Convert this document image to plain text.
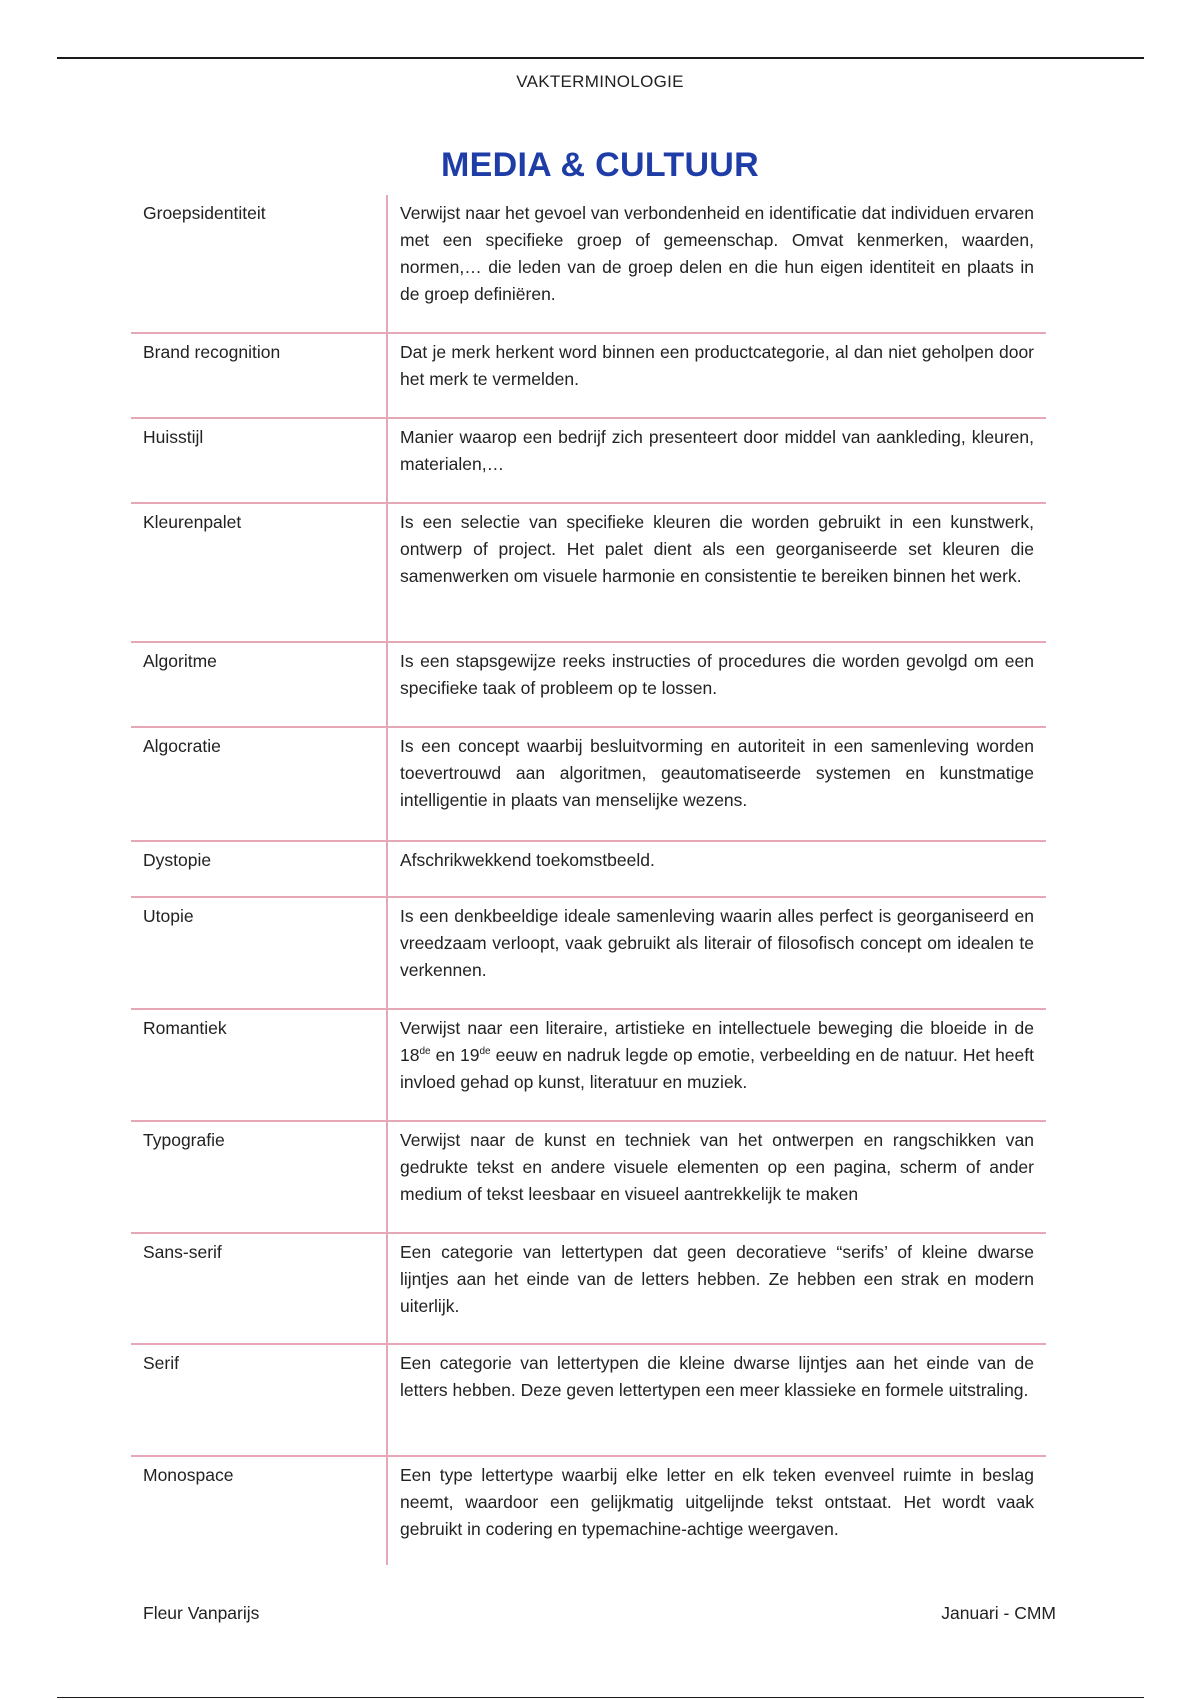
VAKTERMINOLOGIE
MEDIA & CULTUUR
Groepsidentiteit	Verwijst naar het gevoel van verbondenheid en identificatie dat individuen ervaren met een specifieke groep of gemeenschap. Omvat kenmerken, waarden, normen,… die leden van de groep delen en die hun eigen identiteit en plaats in de groep definiëren.
Brand recognition	Dat je merk herkent word binnen een productcategorie, al dan niet geholpen door het merk te vermelden.
Huisstijl	Manier waarop een bedrijf zich presenteert door middel van aankleding, kleuren, materialen,…
Kleurenpalet	Is een selectie van specifieke kleuren die worden gebruikt in een kunstwerk, ontwerp of project. Het palet dient als een georganiseerde set kleuren die samenwerken om visuele harmonie en consistentie te bereiken binnen het werk.
Algoritme	Is een stapsgewijze reeks instructies of procedures die worden gevolgd om een specifieke taak of probleem op te lossen.
Algocratie	Is een concept waarbij besluitvorming en autoriteit in een samenleving worden toevertrouwd aan algoritmen, geautomatiseerde systemen en kunstmatige intelligentie in plaats van menselijke wezens.
Dystopie	Afschrikwekkend toekomstbeeld.
Utopie	Is een denkbeeldige ideale samenleving waarin alles perfect is georganiseerd en vreedzaam verloopt, vaak gebruikt als literair of filosofisch concept om idealen te verkennen.
Romantiek	Verwijst naar een literaire, artistieke en intellectuele beweging die bloeide in de 18de en 19de eeuw en nadruk legde op emotie, verbeelding en de natuur. Het heeft invloed gehad op kunst, literatuur en muziek.
Typografie	Verwijst naar de kunst en techniek van het ontwerpen en rangschikken van gedrukte tekst en andere visuele elementen op een pagina, scherm of ander medium of tekst leesbaar en visueel aantrekkelijk te maken
Sans-serif	Een categorie van lettertypen dat geen decoratieve “serifs’ of kleine dwarse lijntjes aan het einde van de letters hebben. Ze hebben een strak en modern uiterlijk.
Serif	Een categorie van lettertypen die kleine dwarse lijntjes aan het einde van de letters hebben. Deze geven lettertypen een meer klassieke en formele uitstraling.
Monospace	Een type lettertype waarbij elke letter en elk teken evenveel ruimte in beslag neemt, waardoor een gelijkmatig uitgelijnde tekst ontstaat. Het wordt vaak gebruikt in codering en typemachine-achtige weergaven.
Fleur Vanparijs	Januari - CMM
